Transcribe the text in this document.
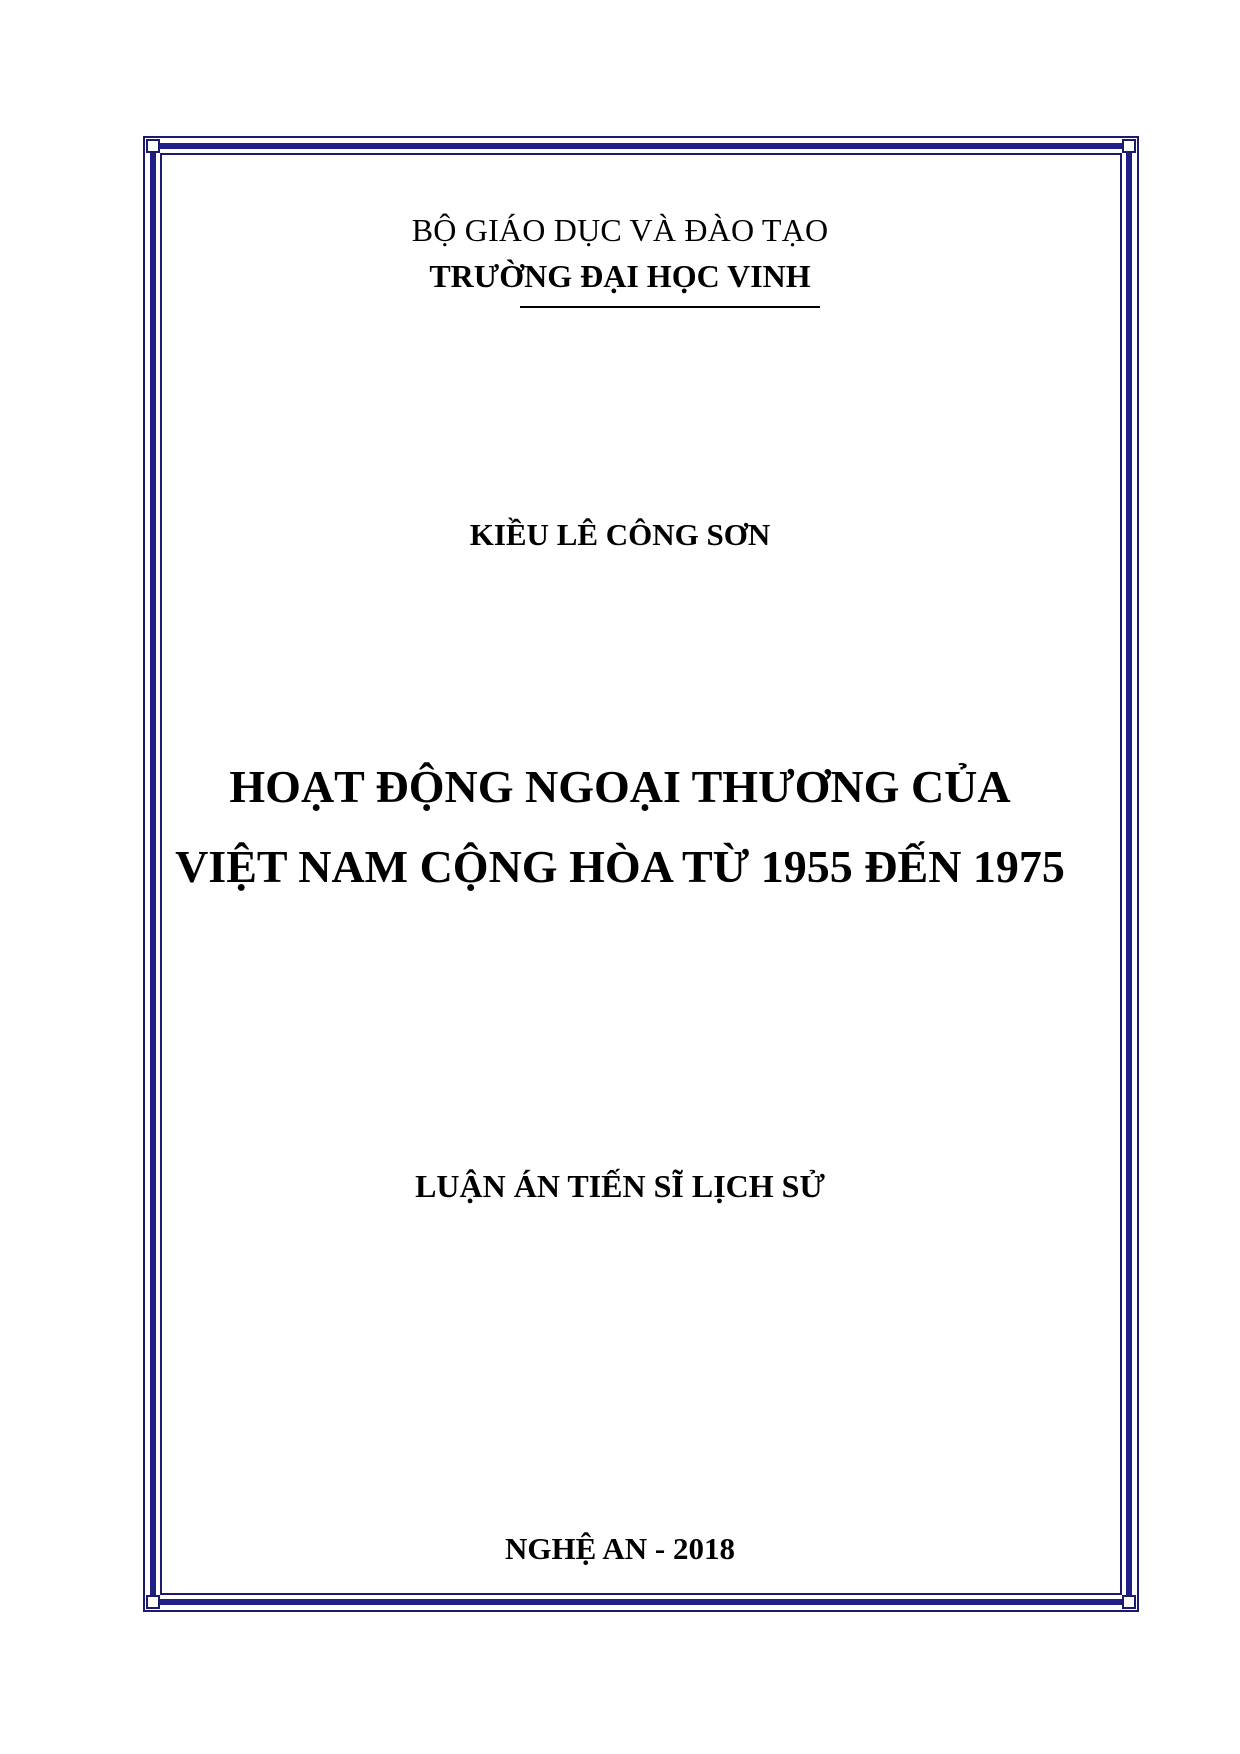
BỘ GIÁO DỤC VÀ ĐÀO TẠO
TRƯỜNG ĐẠI HỌC VINH
KIỀU LÊ CÔNG SƠN
HOẠT ĐỘNG NGOẠI THƯƠNG CỦA
VIỆT NAM CỘNG HÒA TỪ 1955 ĐẾN 1975
LUẬN ÁN TIẾN SĨ LỊCH SỬ
NGHỆ AN - 2018
